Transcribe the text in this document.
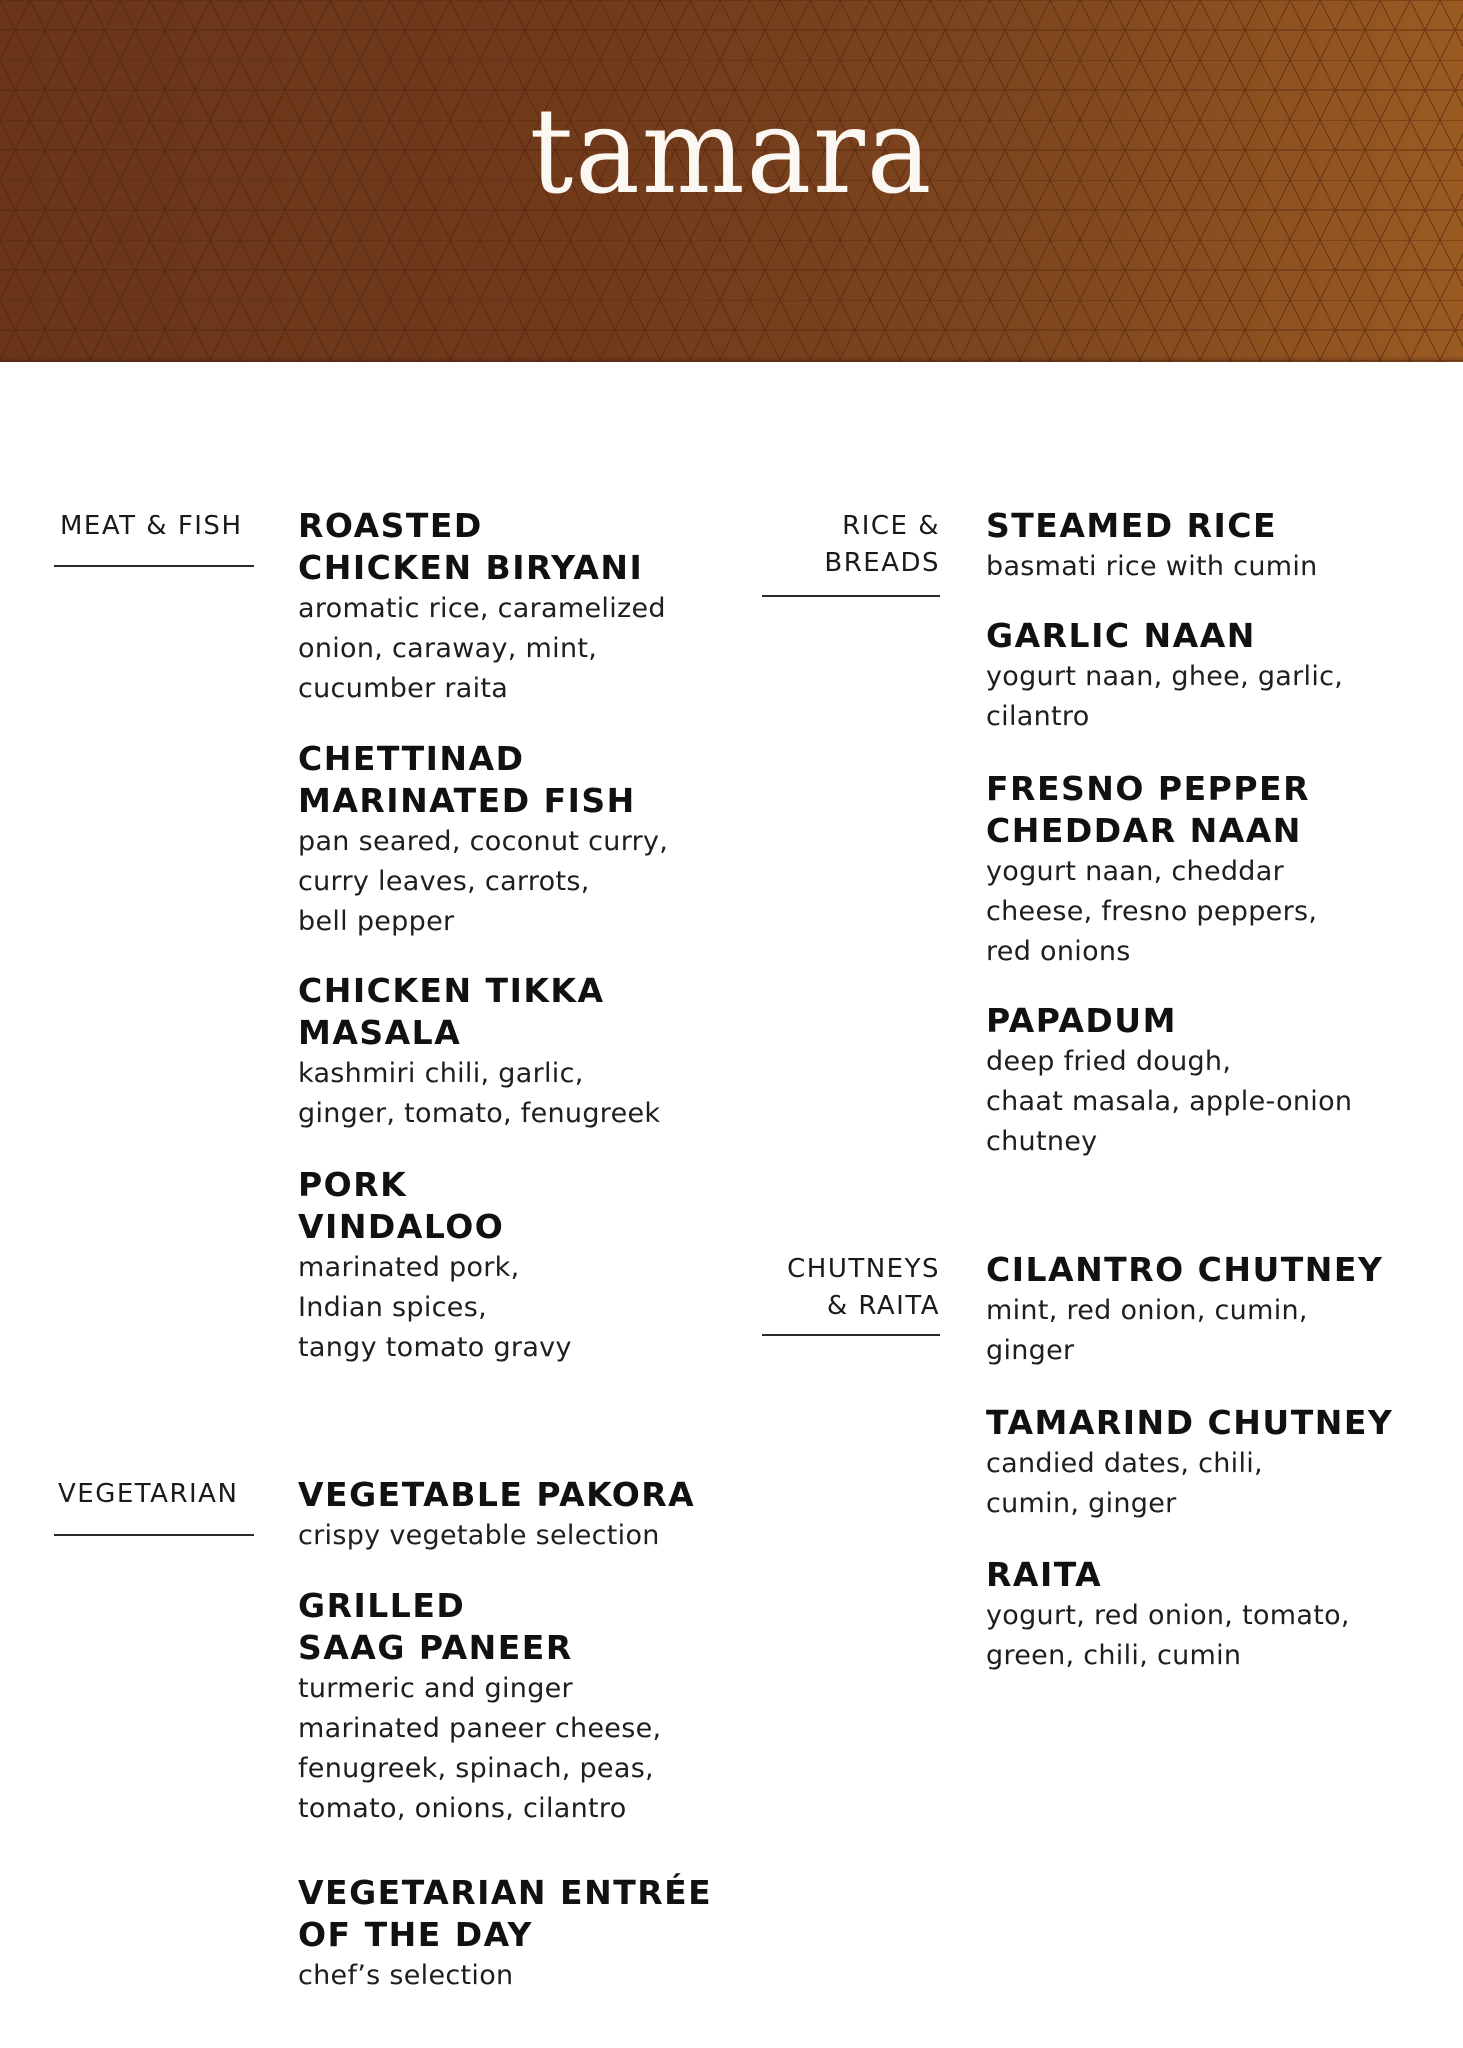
tamara
MEAT & FISH ROASTED
CHICKEN BIRYANI
aromatic rice, caramelized
onion, caraway, mint,
cucumber raita
CHETTINAD
MARINATED FISH
pan seared, coconut curry,
curry leaves, carrots,
bell pepper
CHICKEN TIKKA
MASALA
kashmiri chili, garlic,
ginger, tomato, fenugreek
PORK
VINDALOO
marinated pork,
Indian spices,
tangy tomato gravy
VEGETARIAN VEGETABLE PAKORA
crispy vegetable selection
GRILLED
SAAG PANEER
turmeric and ginger
marinated paneer cheese,
fenugreek, spinach, peas,
tomato, onions, cilantro
VEGETARIAN ENTRÉE
OF THE DAY
chef’s selection
RICE &
BREADS
STEAMED RICE
basmati rice with cumin
GARLIC NAAN
yogurt naan, ghee, garlic,
cilantro
FRESNO PEPPER
CHEDDAR NAAN
yogurt naan, cheddar
cheese, fresno peppers,
red onions
PAPADUM
deep fried dough,
chaat masala, apple-onion
chutney
CHUTNEYS
& RAITA
CILANTRO CHUTNEY
mint, red onion, cumin,
ginger
TAMARIND CHUTNEY
candied dates, chili,
cumin, ginger
RAITA
yogurt, red onion, tomato,
green, chili, cumin
